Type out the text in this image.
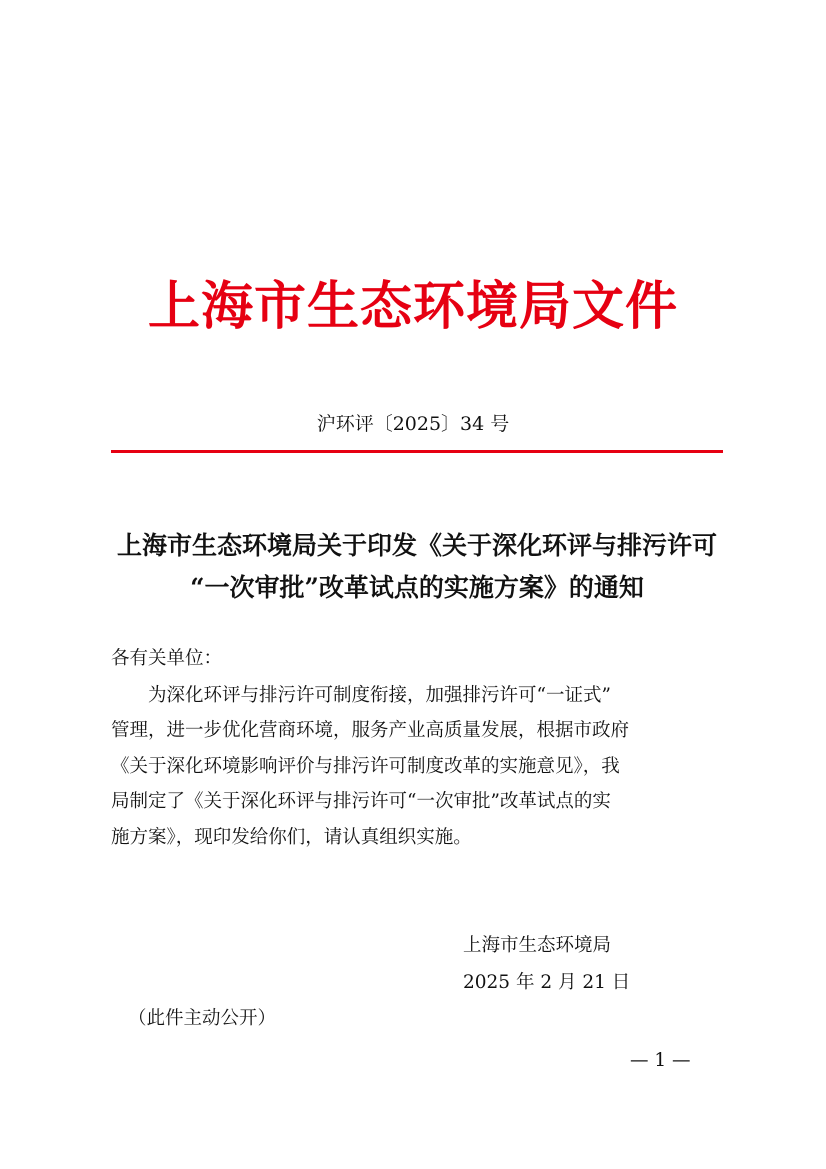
上海市生态环境局文件
沪环评〔2025〕34 号
上海市生态环境局关于印发《关于深化环评与排污许可
“一次审批”改革试点的实施方案》的通知
各有关单位：
为深化环评与排污许可制度衔接，加强排污许可“一证式”
管理，进一步优化营商环境，服务产业高质量发展，根据市政府
《关于深化环境影响评价与排污许可制度改革的实施意见》，我
局制定了《关于深化环评与排污许可“一次审批”改革试点的实
施方案》，现印发给你们，请认真组织实施。
上海市生态环境局
2025 年 2 月 21 日
（此件主动公开）
— 1 —
